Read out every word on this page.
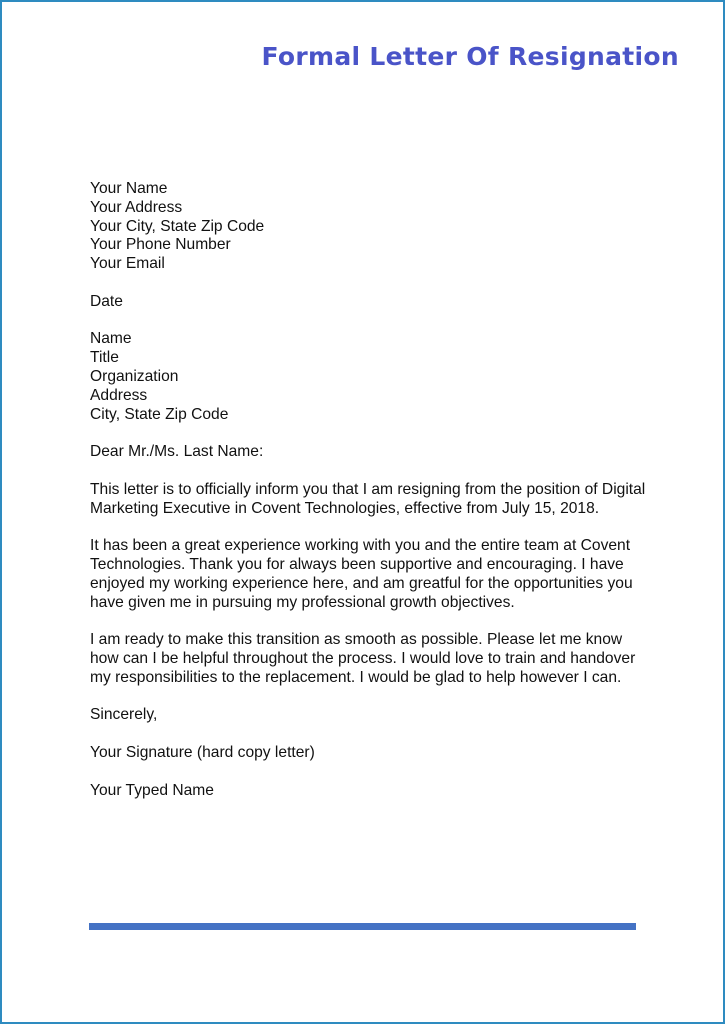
Formal Letter Of Resignation
Your Name
Your Address
Your City, State Zip Code
Your Phone Number
Your Email
Date
Name
Title
Organization
Address
City, State Zip Code

Dear Mr./Ms. Last Name:

This letter is to officially inform you that I am resigning from the position of Digital Marketing Executive in Covent Technologies, effective from July 15, 2018.

It has been a great experience working with you and the entire team at Covent Technologies. Thank you for always been supportive and encouraging. I have enjoyed my working experience here, and am greatful for the opportunities you have given me in pursuing my professional growth objectives.

I am ready to make this transition as smooth as possible. Please let me know how can I be helpful throughout the process. I would love to train and handover my responsibilities to the replacement. I would be glad to help however I can.

Sincerely,

Your Signature (hard copy letter)

Your Typed Name
